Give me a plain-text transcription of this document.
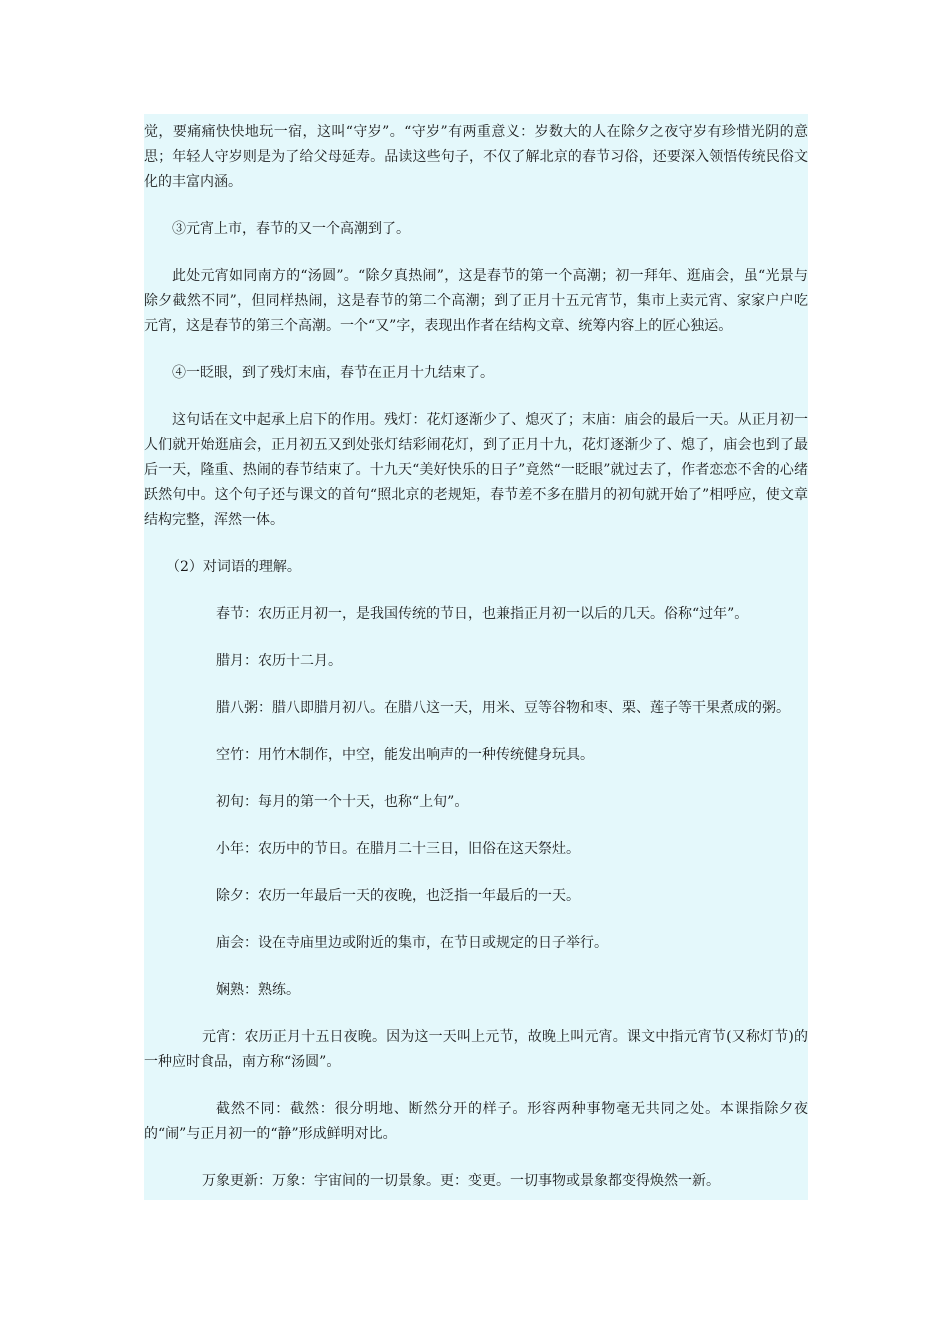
觉，要痛痛快快地玩一宿，这叫“守岁”。“守岁”有两重意义：岁数大的人在除夕之夜守岁有珍惜光阴的意思；年轻人守岁则是为了给父母延寿。品读这些句子，不仅了解北京的春节习俗，还要深入领悟传统民俗文化的丰富内涵。

③元宵上市，春节的又一个高潮到了。

此处元宵如同南方的“汤圆”。“除夕真热闹”，这是春节的第一个高潮；初一拜年、逛庙会，虽“光景与除夕截然不同”，但同样热闹，这是春节的第二个高潮；到了正月十五元宵节，集市上卖元宵、家家户户吃元宵，这是春节的第三个高潮。一个“又”字，表现出作者在结构文章、统筹内容上的匠心独运。

④一眨眼，到了残灯末庙，春节在正月十九结束了。

这句话在文中起承上启下的作用。残灯：花灯逐渐少了、熄灭了；末庙：庙会的最后一天。从正月初一人们就开始逛庙会，正月初五又到处张灯结彩闹花灯，到了正月十九，花灯逐渐少了、熄了，庙会也到了最后一天，隆重、热闹的春节结束了。十九天“美好快乐的日子”竟然“一眨眼”就过去了，作者恋恋不舍的心绪跃然句中。这个句子还与课文的首句“照北京的老规矩，春节差不多在腊月的初旬就开始了”相呼应，使文章结构完整，浑然一体。

（2）对词语的理解。

春节：农历正月初一，是我国传统的节日，也兼指正月初一以后的几天。俗称“过年”。

腊月：农历十二月。

腊八粥：腊八即腊月初八。在腊八这一天，用米、豆等谷物和枣、栗、莲子等干果煮成的粥。

空竹：用竹木制作，中空，能发出响声的一种传统健身玩具。

初旬：每月的第一个十天，也称“上旬”。

小年：农历中的节日。在腊月二十三日，旧俗在这天祭灶。

除夕：农历一年最后一天的夜晚，也泛指一年最后的一天。

庙会：设在寺庙里边或附近的集市，在节日或规定的日子举行。

娴熟：熟练。

元宵：农历正月十五日夜晚。因为这一天叫上元节，故晚上叫元宵。课文中指元宵节(又称灯节)的一种应时食品，南方称“汤圆”。

截然不同：截然：很分明地、断然分开的样子。形容两种事物毫无共同之处。本课指除夕夜的“闹”与正月初一的“静”形成鲜明对比。

万象更新：万象：宇宙间的一切景象。更：变更。一切事物或景象都变得焕然一新。
